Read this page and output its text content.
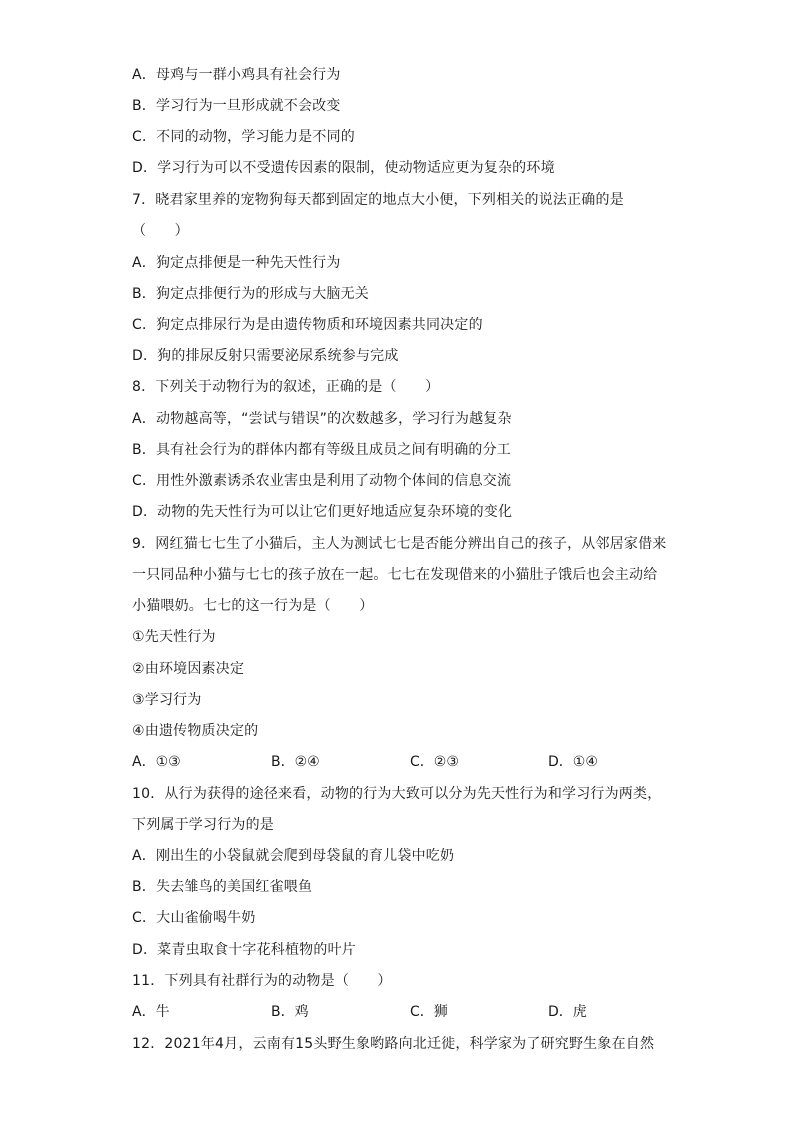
A．母鸡与一群小鸡具有社会行为
B．学习行为一旦形成就不会改变
C．不同的动物，学习能力是不同的
D．学习行为可以不受遗传因素的限制，使动物适应更为复杂的环境
7．晓君家里养的宠物狗每天都到固定的地点大小便，下列相关的说法正确的是
（　　）
A．狗定点排便是一种先天性行为
B．狗定点排便行为的形成与大脑无关
C．狗定点排尿行为是由遗传物质和环境因素共同决定的
D．狗的排尿反射只需要泌尿系统参与完成
8．下列关于动物行为的叙述，正确的是（　　）
A．动物越高等，“尝试与错误”的次数越多，学习行为越复杂
B．具有社会行为的群体内都有等级且成员之间有明确的分工
C．用性外激素诱杀农业害虫是利用了动物个体间的信息交流
D．动物的先天性行为可以让它们更好地适应复杂环境的变化
9．网红猫七七生了小猫后，主人为测试七七是否能分辨出自己的孩子，从邻居家借来
一只同品种小猫与七七的孩子放在一起。七七在发现借来的小猫肚子饿后也会主动给
小猫喂奶。七七的这一行为是（　　）
①先天性行为
②由环境因素决定
③学习行为
④由遗传物质决定的
A．①③	B．②④	C．②③	D．①④
10．从行为获得的途径来看，动物的行为大致可以分为先天性行为和学习行为两类，
下列属于学习行为的是
A．刚出生的小袋鼠就会爬到母袋鼠的育儿袋中吃奶
B．失去雏鸟的美国红雀喂鱼
C．大山雀偷喝牛奶
D．菜青虫取食十字花科植物的叶片
11．下列具有社群行为的动物是（　　）
A．牛	B．鸡	C．狮	D．虎
12．2021年4月，云南有15头野生象哟路向北迁徙，科学家为了研究野生象在自然
